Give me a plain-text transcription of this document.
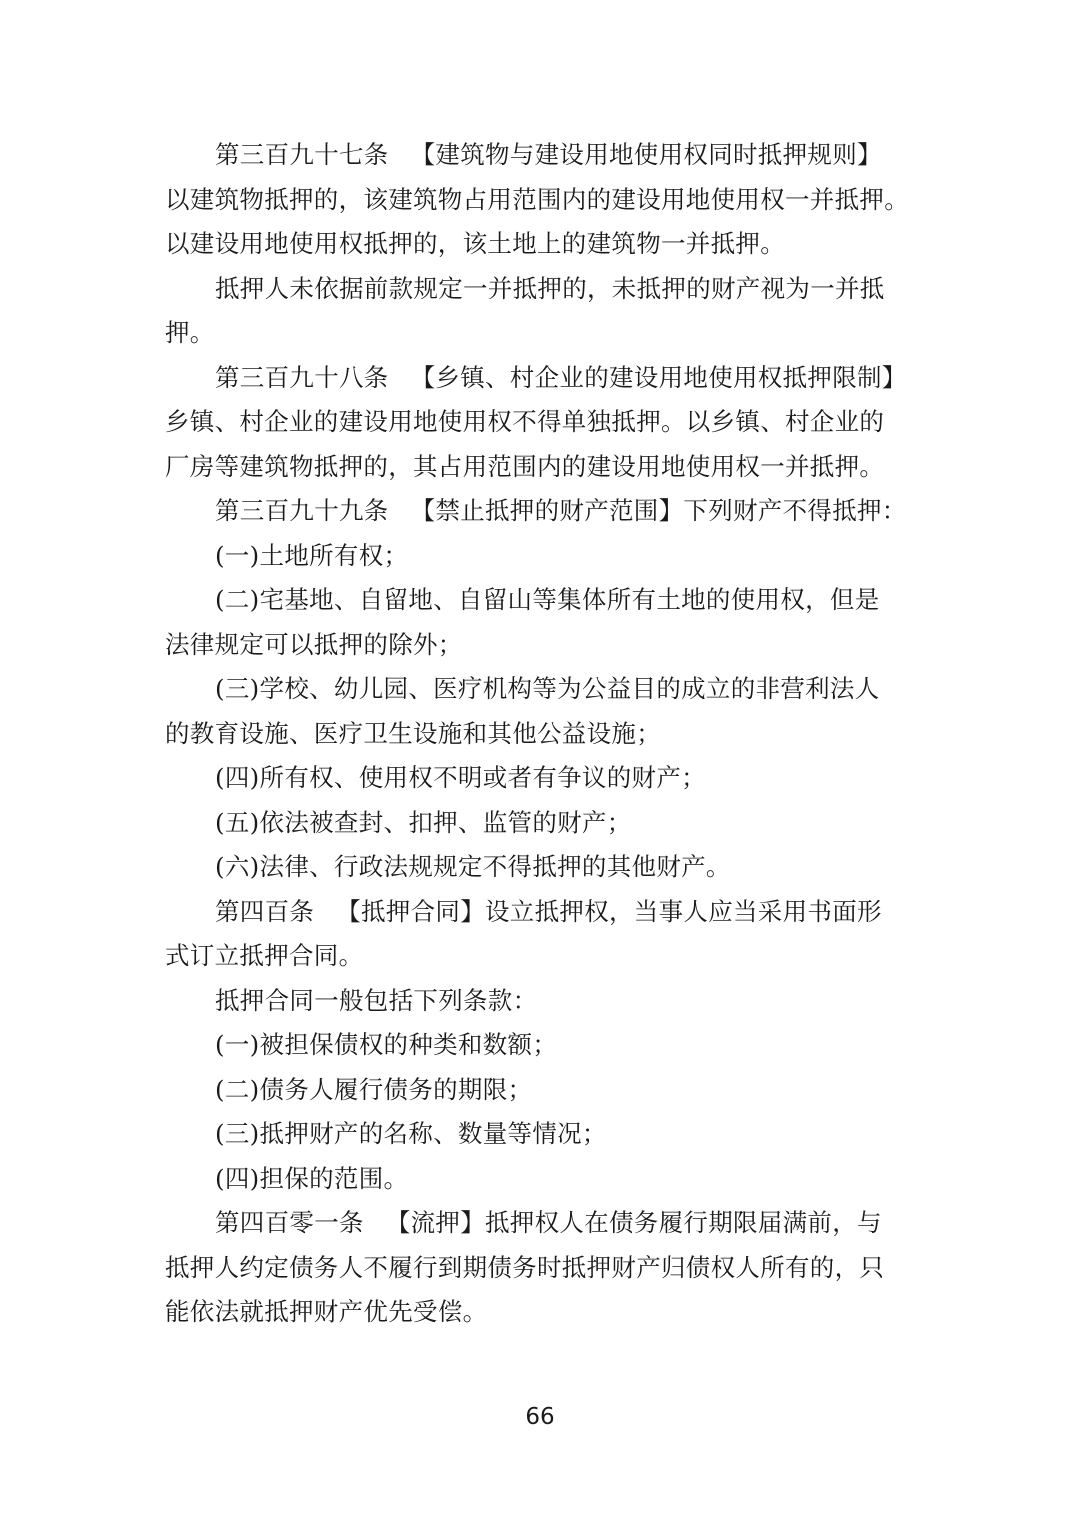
第三百九十七条 【建筑物与建设用地使用权同时抵押规则】
以建筑物抵押的，该建筑物占用范围内的建设用地使用权一并抵押。
以建设用地使用权抵押的，该土地上的建筑物一并抵押。
抵押人未依据前款规定一并抵押的，未抵押的财产视为一并抵
押。
第三百九十八条 【乡镇、村企业的建设用地使用权抵押限制】
乡镇、村企业的建设用地使用权不得单独抵押。以乡镇、村企业的
厂房等建筑物抵押的，其占用范围内的建设用地使用权一并抵押。
第三百九十九条 【禁止抵押的财产范围】下列财产不得抵押：
(一)土地所有权；
(二)宅基地、自留地、自留山等集体所有土地的使用权，但是
法律规定可以抵押的除外；
(三)学校、幼儿园、医疗机构等为公益目的成立的非营利法人
的教育设施、医疗卫生设施和其他公益设施；
(四)所有权、使用权不明或者有争议的财产；
(五)依法被查封、扣押、监管的财产；
(六)法律、行政法规规定不得抵押的其他财产。
第四百条 【抵押合同】设立抵押权，当事人应当采用书面形
式订立抵押合同。
抵押合同一般包括下列条款：
(一)被担保债权的种类和数额；
(二)债务人履行债务的期限；
(三)抵押财产的名称、数量等情况；
(四)担保的范围。
第四百零一条 【流押】抵押权人在债务履行期限届满前，与
抵押人约定债务人不履行到期债务时抵押财产归债权人所有的，只
能依法就抵押财产优先受偿。
66
